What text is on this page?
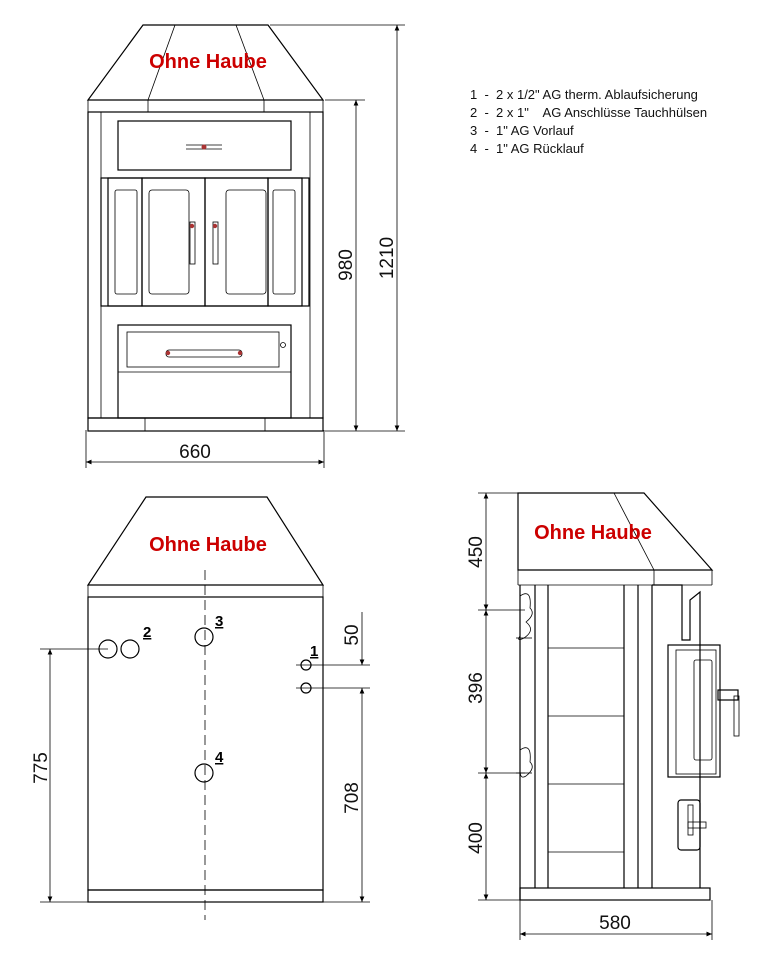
Ohne Haube
660
980 1210
Ohne Haube
2
3
1
4
775
50
708
Ohne Haube
450
396
400
580
1  -  2 x 1/2" AG therm. Ablaufsicherung
2  -  2 x 1"    AG Anschlüsse Tauchhülsen
3  -  1" AG Vorlauf
4  -  1" AG Rücklauf
